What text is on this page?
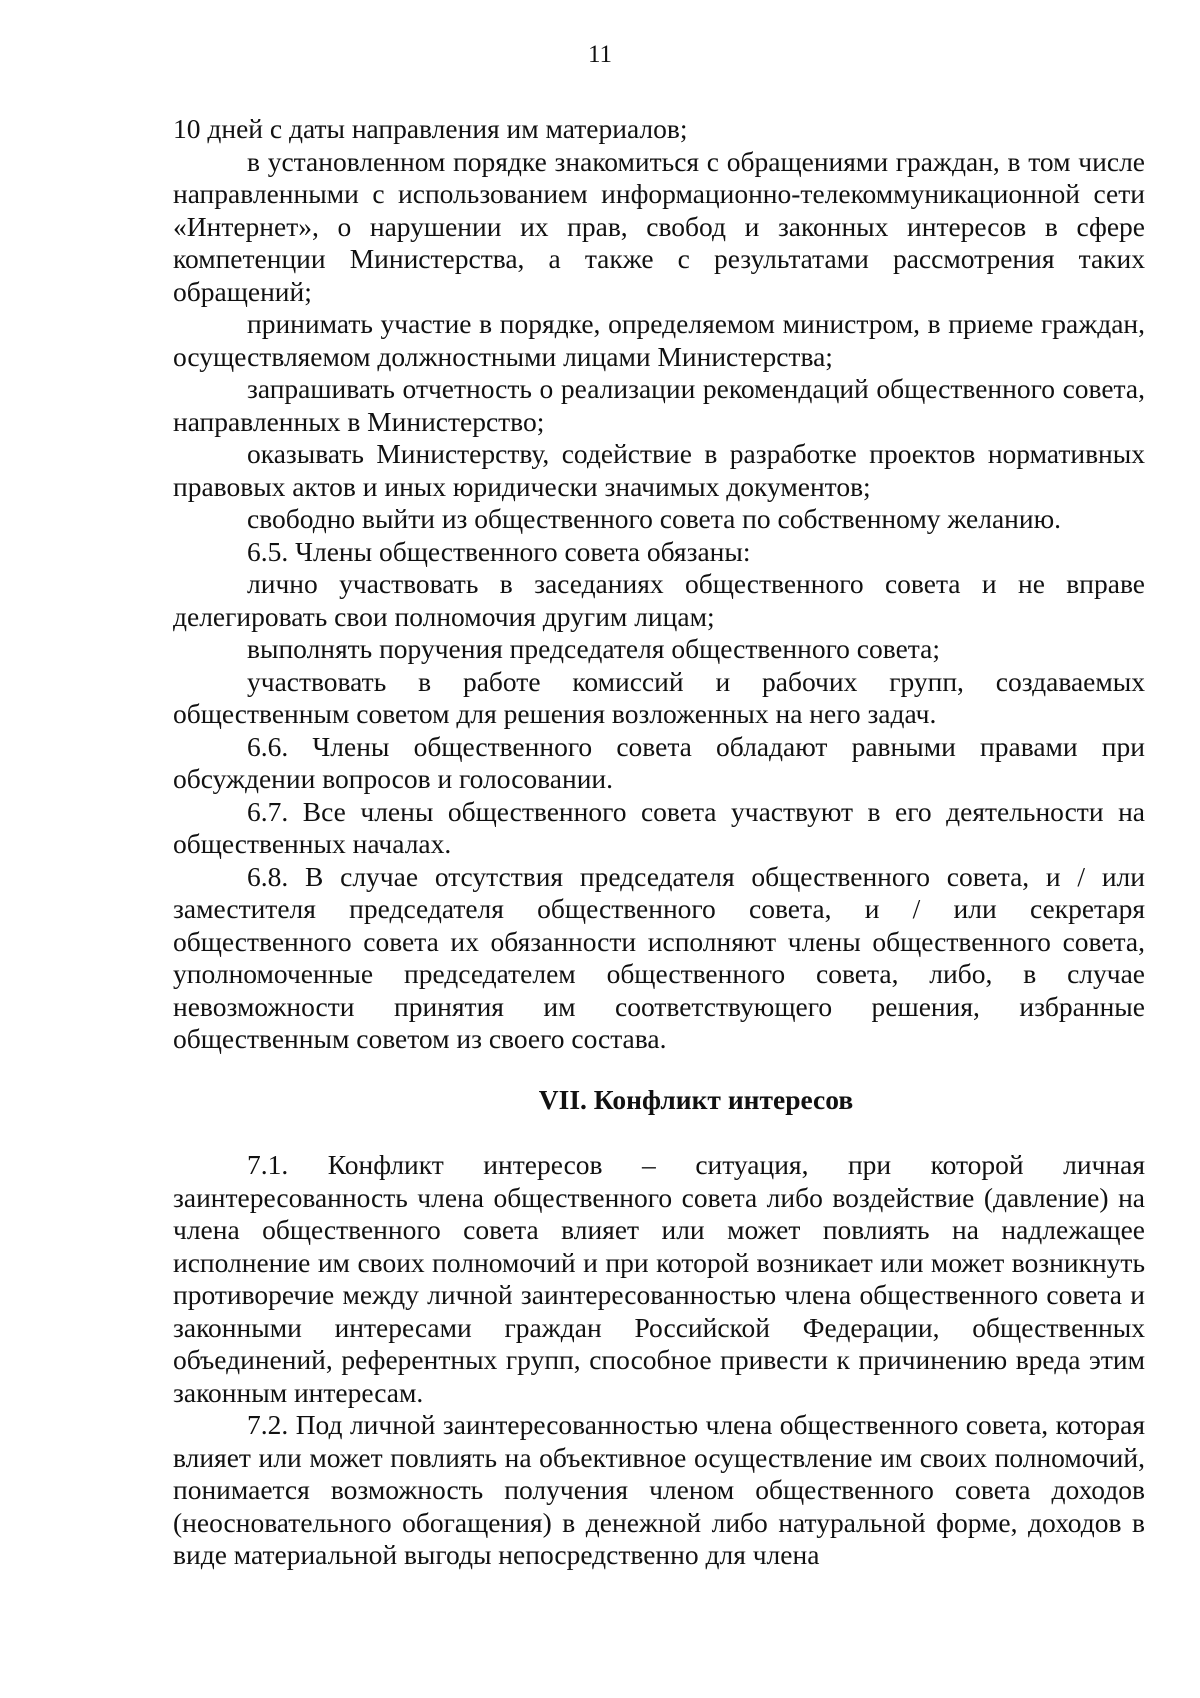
11

10 дней с даты направления им материалов;

в установленном порядке знакомиться с обращениями граждан, в том числе направленными с использованием информационно-телекоммуникационной сети «Интернет», о нарушении их прав, свобод и законных интересов в сфере компетенции Министерства, а также с результатами рассмотрения таких обращений;

принимать участие в порядке, определяемом министром, в приеме граждан, осуществляемом должностными лицами Министерства;

запрашивать отчетность о реализации рекомендаций общественного совета, направленных в Министерство;

оказывать Министерству, содействие в разработке проектов нормативных правовых актов и иных юридически значимых документов;

свободно выйти из общественного совета по собственному желанию.

6.5. Члены общественного совета обязаны:

лично участвовать в заседаниях общественного совета и не вправе делегировать свои полномочия другим лицам;

выполнять поручения председателя общественного совета;

участвовать в работе комиссий и рабочих групп, создаваемых общественным советом для решения возложенных на него задач.

6.6. Члены общественного совета обладают равными правами при обсуждении вопросов и голосовании.

6.7. Все члены общественного совета участвуют в его деятельности на общественных началах.

6.8. В случае отсутствия председателя общественного совета, и / или заместителя председателя общественного совета, и / или секретаря общественного совета их обязанности исполняют члены общественного совета, уполномоченные председателем общественного совета, либо, в случае невозможности принятия им соответствующего решения, избранные общественным советом из своего состава.

VII. Конфликт интересов

7.1. Конфликт интересов – ситуация, при которой личная заинтересованность члена общественного совета либо воздействие (давление) на члена общественного совета влияет или может повлиять на надлежащее исполнение им своих полномочий и при которой возникает или может возникнуть противоречие между личной заинтересованностью члена общественного совета и законными интересами граждан Российской Федерации, общественных объединений, референтных групп, способное привести к причинению вреда этим законным интересам.

7.2. Под личной заинтересованностью члена общественного совета, которая влияет или может повлиять на объективное осуществление им своих полномочий, понимается возможность получения членом общественного совета доходов (неосновательного обогащения) в денежной либо натуральной форме, доходов в виде материальной выгоды непосредственно для члена
